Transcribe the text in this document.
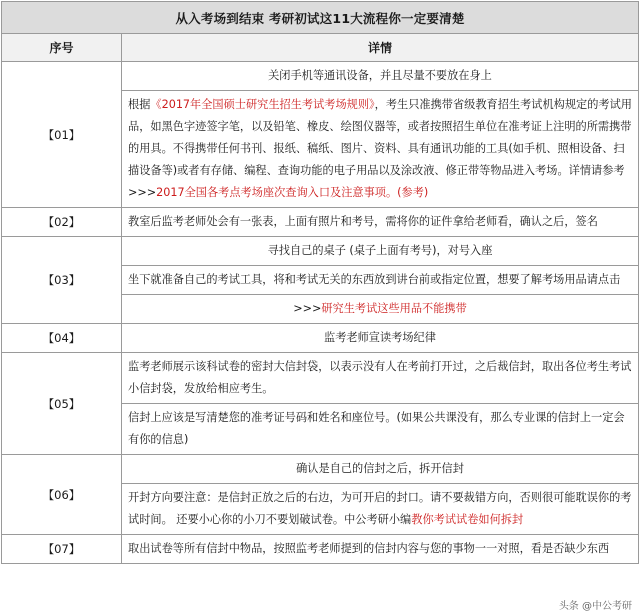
从入考场到结束 考研初试这11大流程你一定要清楚	
序号	详情
【01】	关闭手机等通讯设备，并且尽量不要放在身上
根据《2017年全国硕士研究生招生考试考场规则》，考生只准携带省级教育招生考试机构规定的考试用品，如黑色字迹签字笔，以及铅笔、橡皮、绘图仪器等，或者按照招生单位在准考证上注明的所需携带的用具。不得携带任何书刊、报纸、稿纸、图片、资料、具有通讯功能的工具(如手机、照相设备、扫描设备等)或者有存储、编程、查询功能的电子用品以及涂改液、修正带等物品进入考场。详情请参考>>>2017全国各考点考场座次查询入口及注意事项。(参考)

【02】	教室后监考老师处会有一张表，上面有照片和考号，需将你的证件拿给老师看，确认之后，签名

【03】	寻找自己的桌子 (桌子上面有考号)，对号入座
坐下就准备自己的考试工具，将和考试无关的东西放到讲台前或指定位置，想要了解考场用品请点击
>>>研究生考试这些用品不能携带

【04】	监考老师宣读考场纪律

【05】	监考老师展示该科试卷的密封大信封袋，以表示没有人在考前打开过，之后裁信封，取出各位考生考试小信封袋，发放给相应考生。
信封上应该是写清楚您的准考证号码和姓名和座位号。(如果公共课没有，那么专业课的信封上一定会有你的信息)

【06】	确认是自己的信封之后，拆开信封
开封方向要注意：是信封正放之后的右边，为可开启的封口。请不要裁错方向，否则很可能耽误你的考试时间。 还要小心你的小刀不要划破试卷。中公考研小编教你考试试卷如何拆封

【07】	取出试卷等所有信封中物品，按照监考老师提到的信封内容与您的事物一一对照，看是否缺少东西
头条 @中公考研
